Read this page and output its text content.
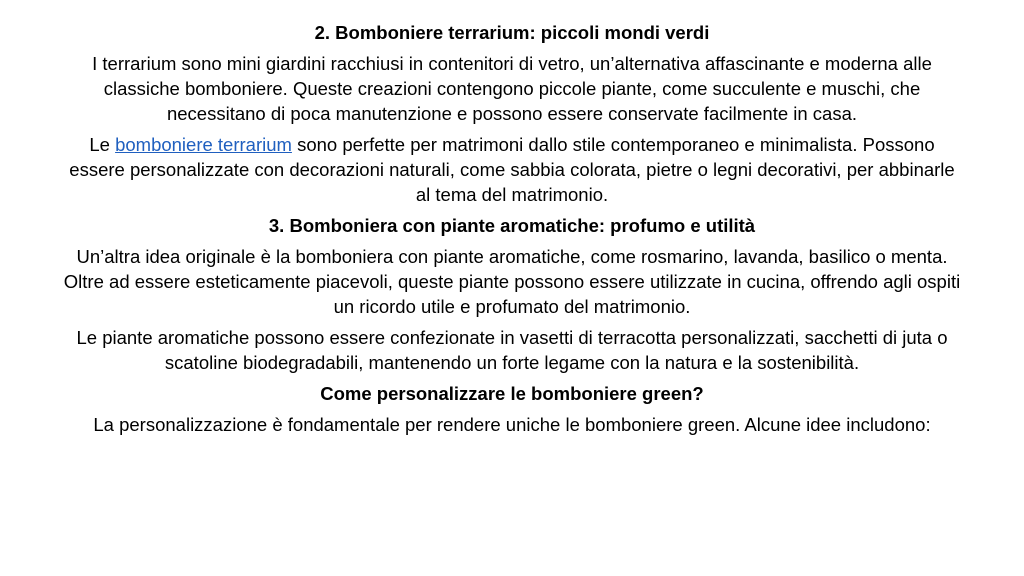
2. Bomboniere terrarium: piccoli mondi verdi

I terrarium sono mini giardini racchiusi in contenitori di vetro, un’alternativa affascinante e moderna alle classiche bomboniere. Queste creazioni contengono piccole piante, come succulente e muschi, che necessitano di poca manutenzione e possono essere conservate facilmente in casa.

Le bomboniere terrarium sono perfette per matrimoni dallo stile contemporaneo e minimalista. Possono essere personalizzate con decorazioni naturali, come sabbia colorata, pietre o legni decorativi, per abbinarle al tema del matrimonio.

3. Bomboniera con piante aromatiche: profumo e utilità

Un’altra idea originale è la bomboniera con piante aromatiche, come rosmarino, lavanda, basilico o menta. Oltre ad essere esteticamente piacevoli, queste piante possono essere utilizzate in cucina, offrendo agli ospiti un ricordo utile e profumato del matrimonio.

Le piante aromatiche possono essere confezionate in vasetti di terracotta personalizzati, sacchetti di juta o scatoline biodegradabili, mantenendo un forte legame con la natura e la sostenibilità.

Come personalizzare le bomboniere green?

La personalizzazione è fondamentale per rendere uniche le bomboniere green. Alcune idee includono:
